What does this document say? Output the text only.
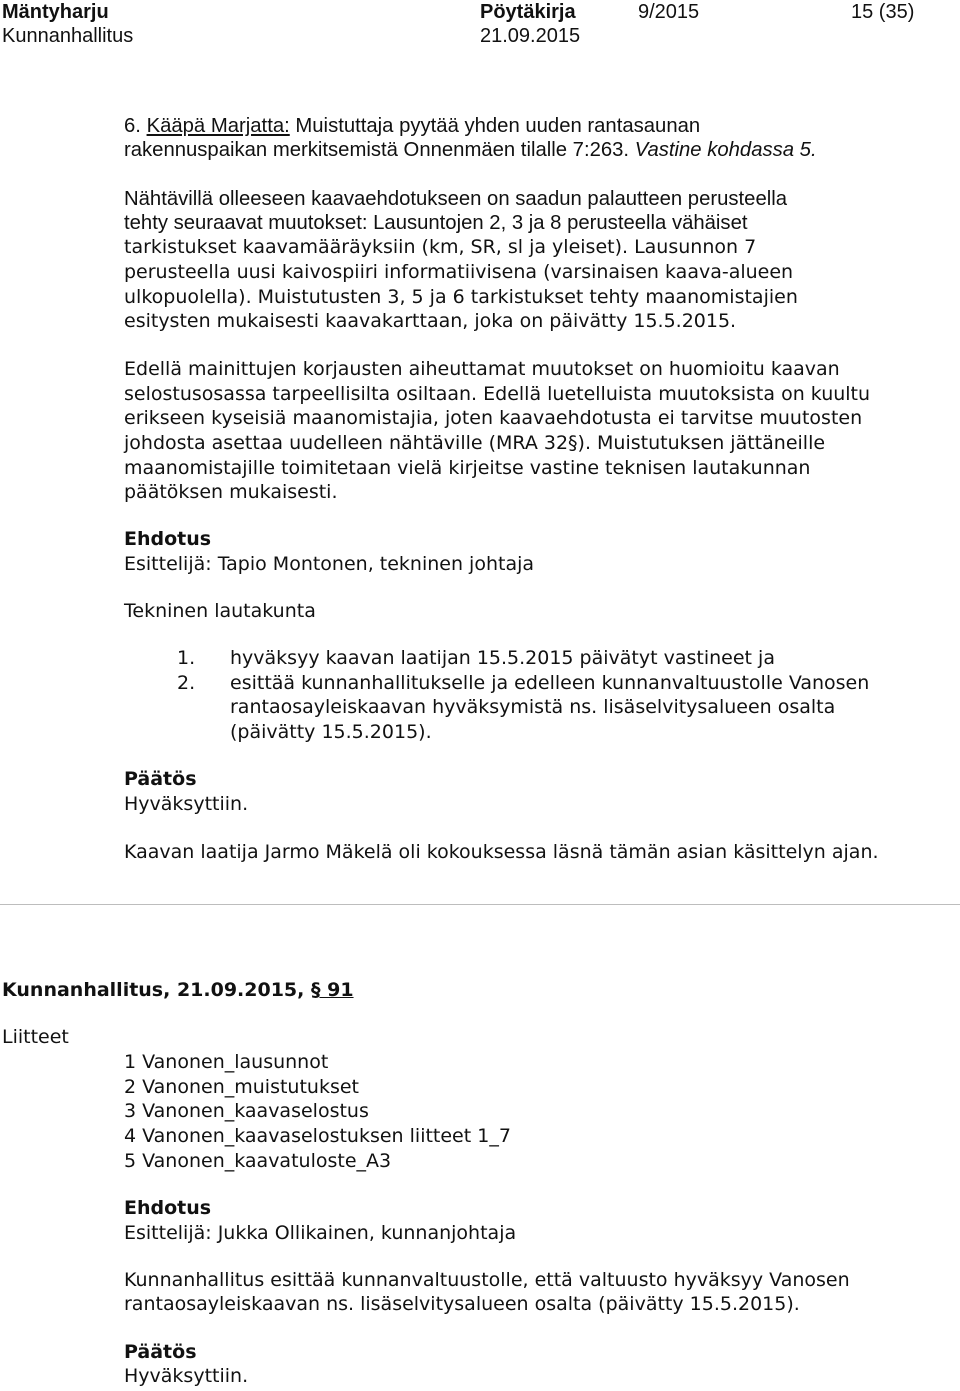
Mäntyharju	Pöytäkirja	9/2015	15 (35)
Kunnanhallitus	21.09.2015
6. Kääpä Marjatta: Muistuttaja pyytää yhden uuden rantasaunan
rakennuspaikan merkitsemistä Onnenmäen tilalle 7:263. Vastine kohdassa 5.
Nähtävillä olleeseen kaavaehdotukseen on saadun palautteen perusteella
tehty seuraavat muutokset: Lausuntojen 2, 3 ja 8 perusteella vähäiset
tarkistukset kaavamääräyksiin (km, SR, sl ja yleiset). Lausunnon 7
perusteella uusi kaivospiiri informatiivisena (varsinaisen kaava-alueen
ulkopuolella). Muistutusten 3, 5 ja 6 tarkistukset tehty maanomistajien
esitysten mukaisesti kaavakarttaan, joka on päivätty 15.5.2015.
Edellä mainittujen korjausten aiheuttamat muutokset on huomioitu kaavan
selostusosassa tarpeellisilta osiltaan. Edellä luetelluista muutoksista on kuultu
erikseen kyseisiä maanomistajia, joten kaavaehdotusta ei tarvitse muutosten
johdosta asettaa uudelleen nähtäville (MRA 32§). Muistutuksen jättäneille
maanomistajille toimitetaan vielä kirjeitse vastine teknisen lautakunnan
päätöksen mukaisesti.
Ehdotus
Esittelijä: Tapio Montonen, tekninen johtaja
Tekninen lautakunta
1. hyväksyy kaavan laatijan 15.5.2015 päivätyt vastineet ja
2. esittää kunnanhallitukselle ja edelleen kunnanvaltuustolle Vanosen
rantaosayleiskaavan hyväksymistä ns. lisäselvitysalueen osalta
(päivätty 15.5.2015).
Päätös
Hyväksyttiin.
Kaavan laatija Jarmo Mäkelä oli kokouksessa läsnä tämän asian käsittelyn ajan.
Kunnanhallitus, 21.09.2015, § 91
Liitteet
1 Vanonen_lausunnot
2 Vanonen_muistutukset
3 Vanonen_kaavaselostus
4 Vanonen_kaavaselostuksen liitteet 1_7
5 Vanonen_kaavatuloste_A3
Ehdotus
Esittelijä: Jukka Ollikainen, kunnanjohtaja
Kunnanhallitus esittää kunnanvaltuustolle, että valtuusto hyväksyy Vanosen
rantaosayleiskaavan ns. lisäselvitysalueen osalta (päivätty 15.5.2015).
Päätös
Hyväksyttiin.
